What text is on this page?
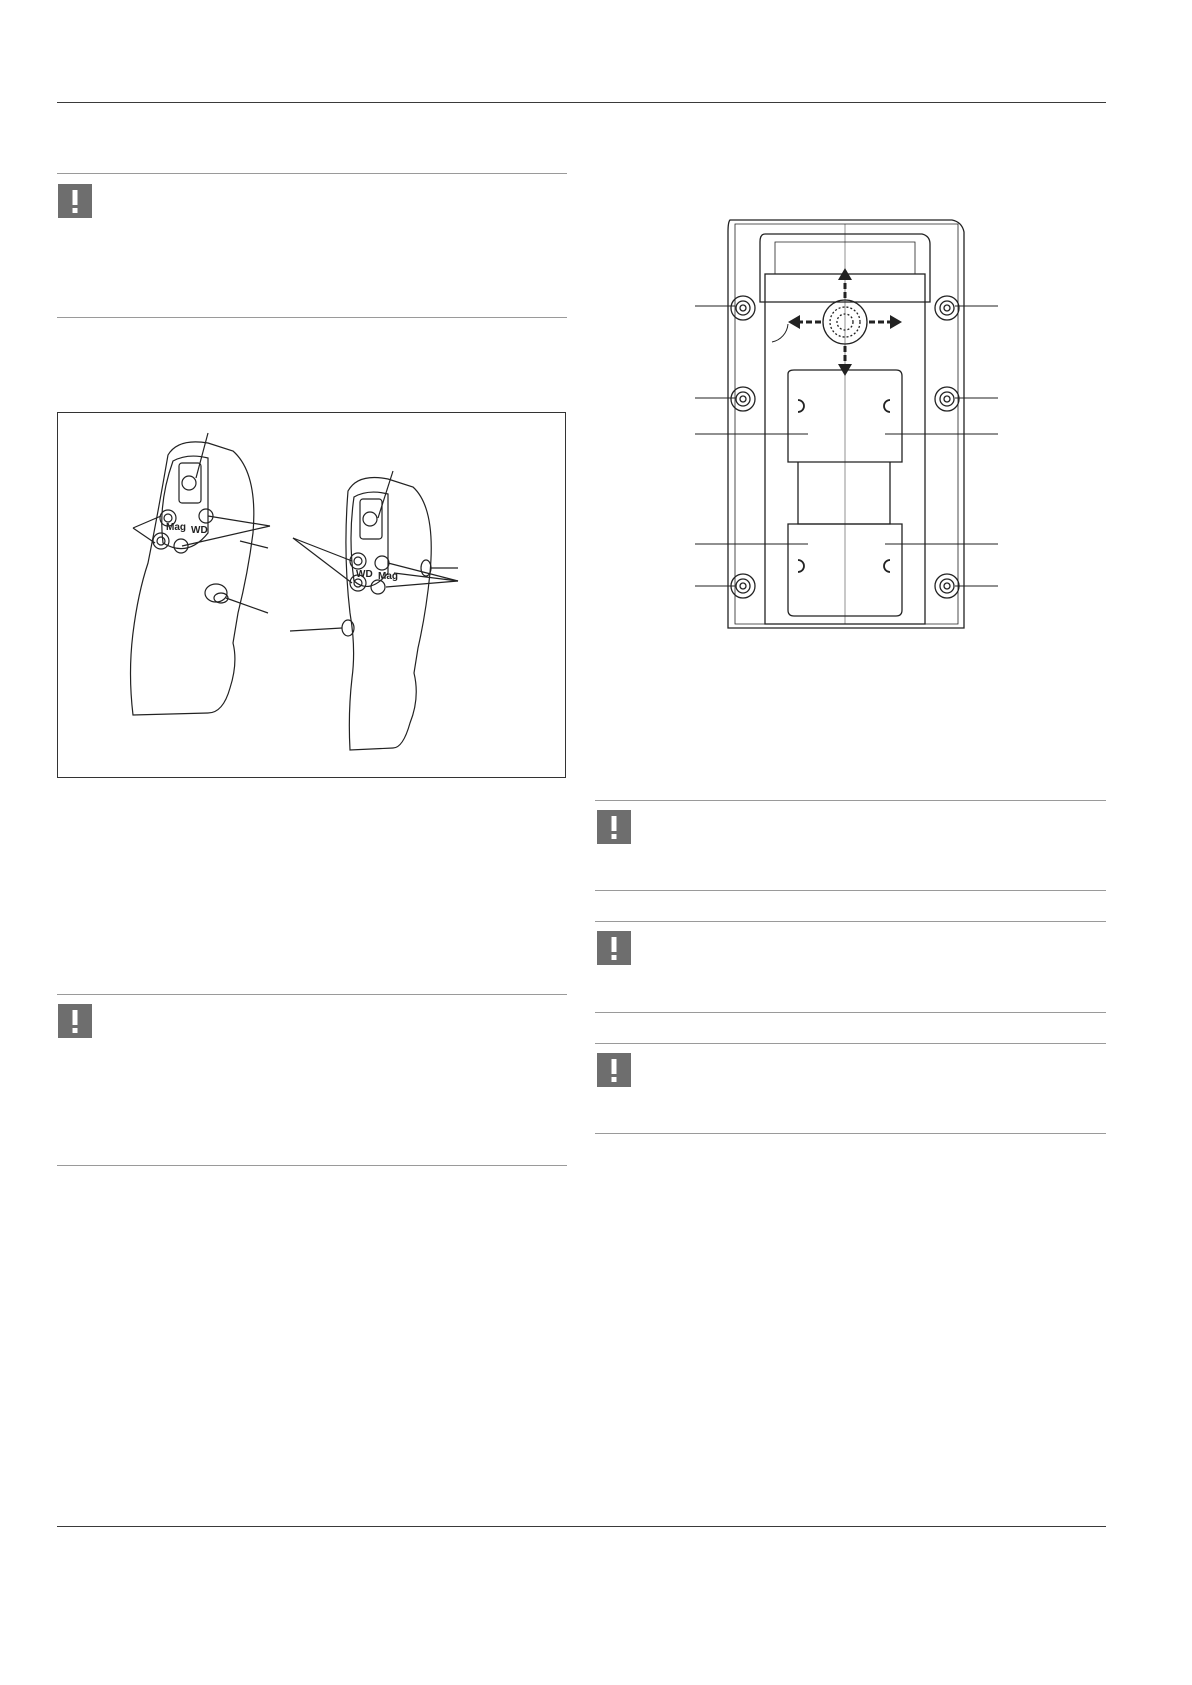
Mag WD
WD Mag
